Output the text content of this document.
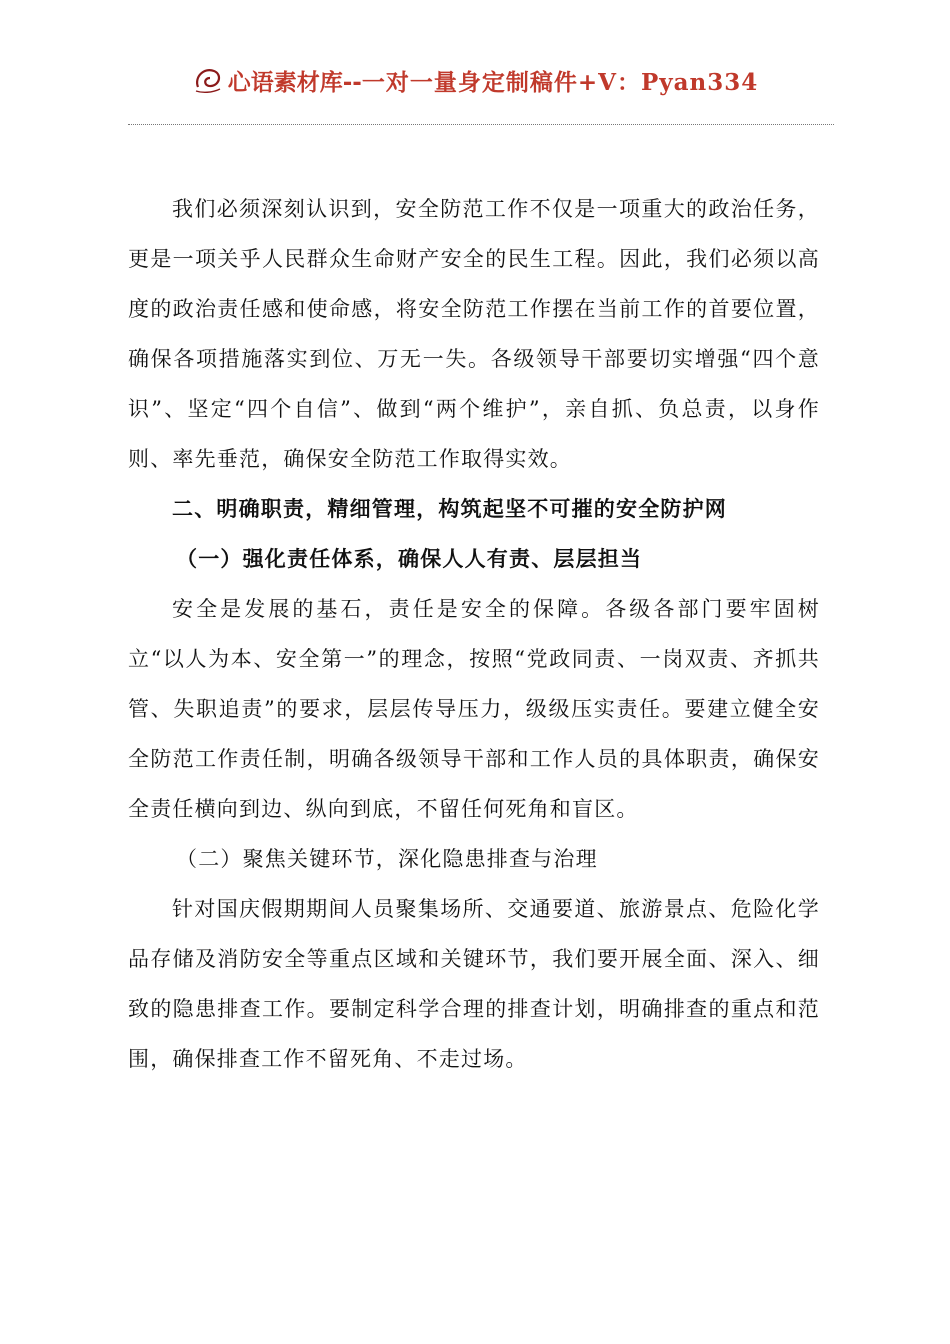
心语素材库--一对一量身定制稿件+V：Pyan334

我们必须深刻认识到，安全防范工作不仅是一项重大的政治任务，更是一项关乎人民群众生命财产安全的民生工程。因此，我们必须以高度的政治责任感和使命感，将安全防范工作摆在当前工作的首要位置，确保各项措施落实到位、万无一失。各级领导干部要切实增强“四个意识”、坚定“四个自信”、做到“两个维护”，亲自抓、负总责，以身作则、率先垂范，确保安全防范工作取得实效。

二、明确职责，精细管理，构筑起坚不可摧的安全防护网

（一）强化责任体系，确保人人有责、层层担当

安全是发展的基石，责任是安全的保障。各级各部门要牢固树立“以人为本、安全第一”的理念，按照“党政同责、一岗双责、齐抓共管、失职追责”的要求，层层传导压力，级级压实责任。要建立健全安全防范工作责任制，明确各级领导干部和工作人员的具体职责，确保安全责任横向到边、纵向到底，不留任何死角和盲区。

（二）聚焦关键环节，深化隐患排查与治理

针对国庆假期期间人员聚集场所、交通要道、旅游景点、危险化学品存储及消防安全等重点区域和关键环节，我们要开展全面、深入、细致的隐患排查工作。要制定科学合理的排查计划，明确排查的重点和范围，确保排查工作不留死角、不走过场。
